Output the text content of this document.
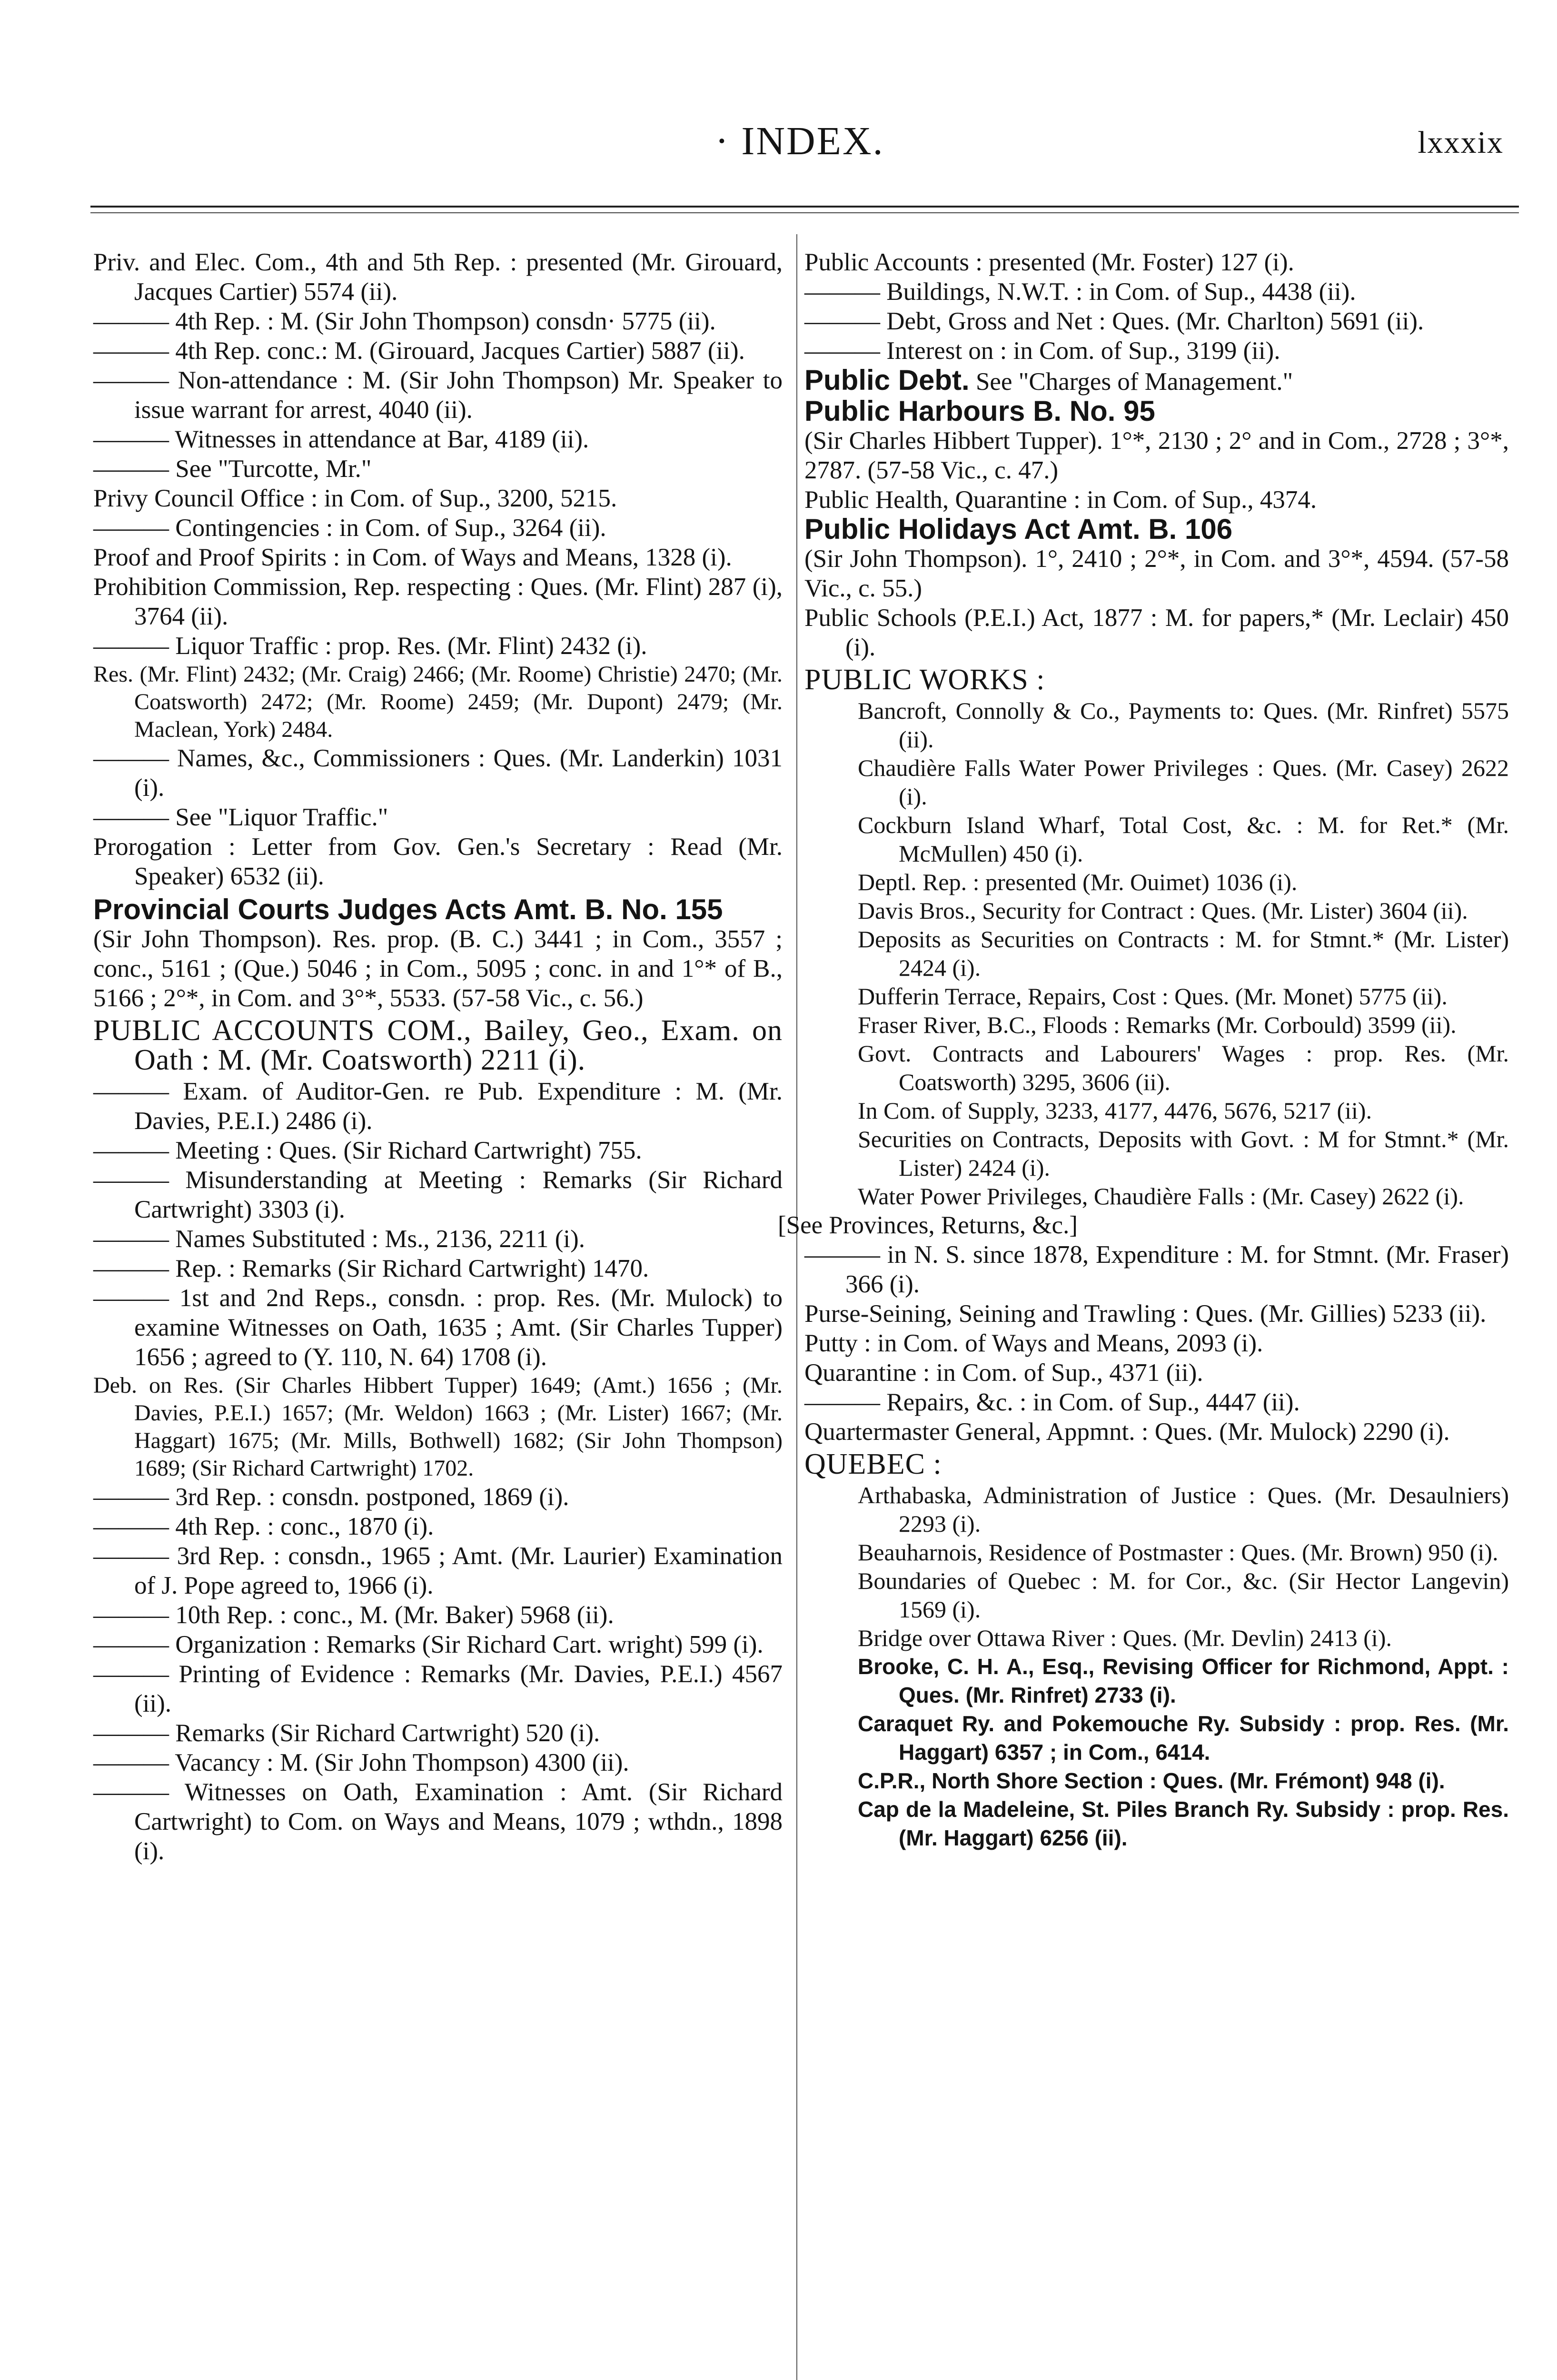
· INDEX.	lxxxix

Priv. and Elec. Com., 4th and 5th Rep. : presented (Mr. Girouard, Jacques Cartier) 5574 (ii).

——— 4th Rep. : M. (Sir John Thompson) consdn· 5775 (ii).

——— 4th Rep. conc.: M. (Girouard, Jacques Cartier) 5887 (ii).

——— Non-attendance : M. (Sir John Thompson) Mr. Speaker to issue warrant for arrest, 4040 (ii).

——— Witnesses in attendance at Bar, 4189 (ii).

——— See "Turcotte, Mr."

Privy Council Office : in Com. of Sup., 3200, 5215.

——— Contingencies : in Com. of Sup., 3264 (ii).

Proof and Proof Spirits : in Com. of Ways and Means, 1328 (i).

Prohibition Commission, Rep. respecting : Ques. (Mr. Flint) 287 (i), 3764 (ii).

——— Liquor Traffic : prop. Res. (Mr. Flint) 2432 (i).

Res. (Mr. Flint) 2432; (Mr. Craig) 2466; (Mr. Roome) Christie) 2470; (Mr. Coatsworth) 2472; (Mr. Roome) 2459; (Mr. Dupont) 2479; (Mr. Maclean, York) 2484.

——— Names, &c., Commissioners : Ques. (Mr. Landerkin) 1031 (i).

——— See "Liquor Traffic."

Prorogation : Letter from Gov. Gen.'s Secretary : Read (Mr. Speaker) 6532 (ii).

Provincial Courts Judges Acts Amt. B. No. 155

(Sir John Thompson). Res. prop. (B. C.) 3441 ; in Com., 3557 ; conc., 5161 ; (Que.) 5046 ; in Com., 5095 ; conc. in and 1°* of B., 5166 ; 2°*, in Com. and 3°*, 5533. (57-58 Vic., c. 56.)

PUBLIC ACCOUNTS COM., Bailey, Geo., Exam. on Oath : M. (Mr. Coatsworth) 2211 (i).

——— Exam. of Auditor-Gen. re Pub. Expenditure : M. (Mr. Davies, P.E.I.) 2486 (i).

——— Meeting : Ques. (Sir Richard Cartwright) 755.

——— Misunderstanding at Meeting : Remarks (Sir Richard Cartwright) 3303 (i).

——— Names Substituted : Ms., 2136, 2211 (i).

——— Rep. : Remarks (Sir Richard Cartwright) 1470.

——— 1st and 2nd Reps., consdn. : prop. Res. (Mr. Mulock) to examine Witnesses on Oath, 1635 ; Amt. (Sir Charles Tupper) 1656 ; agreed to (Y. 110, N. 64) 1708 (i).

Deb. on Res. (Sir Charles Hibbert Tupper) 1649; (Amt.) 1656 ; (Mr. Davies, P.E.I.) 1657; (Mr. Weldon) 1663 ; (Mr. Lister) 1667; (Mr. Haggart) 1675; (Mr. Mills, Bothwell) 1682; (Sir John Thompson) 1689; (Sir Richard Cartwright) 1702.

——— 3rd Rep. : consdn. postponed, 1869 (i).

——— 4th Rep. : conc., 1870 (i).

——— 3rd Rep. : consdn., 1965 ; Amt. (Mr. Laurier) Examination of J. Pope agreed to, 1966 (i).

——— 10th Rep. : conc., M. (Mr. Baker) 5968 (ii).

——— Organization : Remarks (Sir Richard Cart. wright) 599 (i).

——— Printing of Evidence : Remarks (Mr. Davies, P.E.I.) 4567 (ii).

——— Remarks (Sir Richard Cartwright) 520 (i).

——— Vacancy : M. (Sir John Thompson) 4300 (ii).

——— Witnesses on Oath, Examination : Amt. (Sir Richard Cartwright) to Com. on Ways and Means, 1079 ; wthdn., 1898 (i).

Public Accounts : presented (Mr. Foster) 127 (i).

——— Buildings, N.W.T. : in Com. of Sup., 4438 (ii).

——— Debt, Gross and Net : Ques. (Mr. Charlton) 5691 (ii).

——— Interest on : in Com. of Sup., 3199 (ii).

Public Debt. See "Charges of Management."

Public Harbours B. No. 95

(Sir Charles Hibbert Tupper). 1°*, 2130 ; 2° and in Com., 2728 ; 3°*, 2787. (57-58 Vic., c. 47.)

Public Health, Quarantine : in Com. of Sup., 4374.

Public Holidays Act Amt. B. 106

(Sir John Thompson). 1°, 2410 ; 2°*, in Com. and 3°*, 4594. (57-58 Vic., c. 55.)

Public Schools (P.E.I.) Act, 1877 : M. for papers,* (Mr. Leclair) 450 (i).

PUBLIC WORKS :

Bancroft, Connolly & Co., Payments to: Ques. (Mr. Rinfret) 5575 (ii).

Chaudière Falls Water Power Privileges : Ques. (Mr. Casey) 2622 (i).

Cockburn Island Wharf, Total Cost, &c. : M. for Ret.* (Mr. McMullen) 450 (i).

Deptl. Rep. : presented (Mr. Ouimet) 1036 (i).

Davis Bros., Security for Contract : Ques. (Mr. Lister) 3604 (ii).

Deposits as Securities on Contracts : M. for Stmnt.* (Mr. Lister) 2424 (i).

Dufferin Terrace, Repairs, Cost : Ques. (Mr. Monet) 5775 (ii).

Fraser River, B.C., Floods : Remarks (Mr. Corbould) 3599 (ii).

Govt. Contracts and Labourers' Wages : prop. Res. (Mr. Coatsworth) 3295, 3606 (ii).

In Com. of Supply, 3233, 4177, 4476, 5676, 5217 (ii).

Securities on Contracts, Deposits with Govt. : M for Stmnt.* (Mr. Lister) 2424 (i).

Water Power Privileges, Chaudière Falls : (Mr. Casey) 2622 (i).

[See Provinces, Returns, &c.]

——— in N. S. since 1878, Expenditure : M. for Stmnt. (Mr. Fraser) 366 (i).

Purse-Seining, Seining and Trawling : Ques. (Mr. Gillies) 5233 (ii).

Putty : in Com. of Ways and Means, 2093 (i).

Quarantine : in Com. of Sup., 4371 (ii).

——— Repairs, &c. : in Com. of Sup., 4447 (ii).

Quartermaster General, Appmnt. : Ques. (Mr. Mulock) 2290 (i).

QUEBEC :

Arthabaska, Administration of Justice : Ques. (Mr. Desaulniers) 2293 (i).

Beauharnois, Residence of Postmaster : Ques. (Mr. Brown) 950 (i).

Boundaries of Quebec : M. for Cor., &c. (Sir Hector Langevin) 1569 (i).

Bridge over Ottawa River : Ques. (Mr. Devlin) 2413 (i).

Brooke, C. H. A., Esq., Revising Officer for Richmond, Appt. : Ques. (Mr. Rinfret) 2733 (i).

Caraquet Ry. and Pokemouche Ry. Subsidy : prop. Res. (Mr. Haggart) 6357 ; in Com., 6414.

C.P.R., North Shore Section : Ques. (Mr. Frémont) 948 (i).

Cap de la Madeleine, St. Piles Branch Ry. Subsidy : prop. Res. (Mr. Haggart) 6256 (ii).
